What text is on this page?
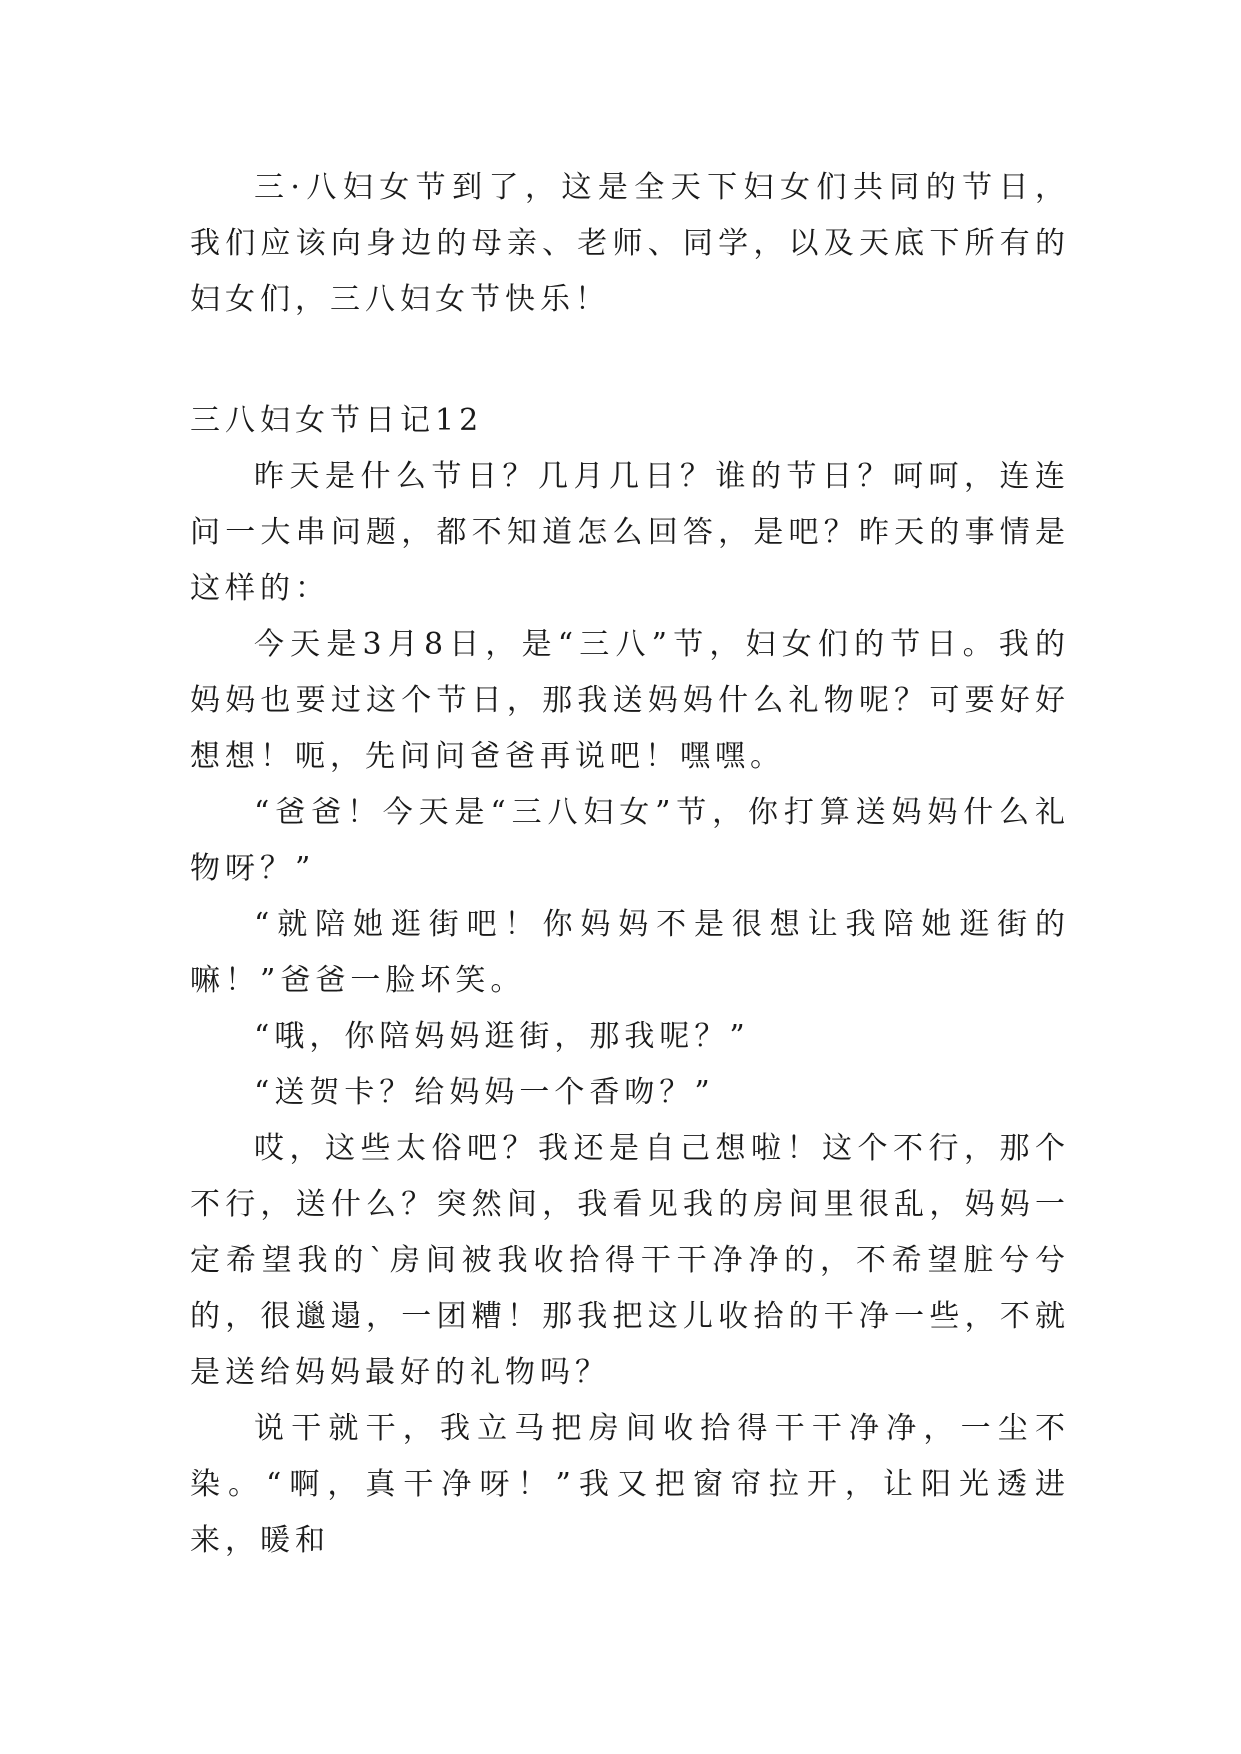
三·八妇女节到了，这是全天下妇女们共同的节日，我们应该向身边的母亲、老师、同学，以及天底下所有的妇女们，三八妇女节快乐！

三八妇女节日记12

昨天是什么节日？几月几日？谁的节日？呵呵，连连问一大串问题，都不知道怎么回答，是吧？昨天的事情是这样的：

今天是3月8日，是“三八”节，妇女们的节日。我的妈妈也要过这个节日，那我送妈妈什么礼物呢？可要好好想想！呃，先问问爸爸再说吧！嘿嘿。

“爸爸！今天是“三八妇女”节，你打算送妈妈什么礼物呀？”

“就陪她逛街吧！你妈妈不是很想让我陪她逛街的嘛！”爸爸一脸坏笑。

“哦，你陪妈妈逛街，那我呢？”

“送贺卡？给妈妈一个香吻？”

哎，这些太俗吧？我还是自己想啦！这个不行，那个不行，送什么？突然间，我看见我的房间里很乱，妈妈一定希望我的`房间被我收拾得干干净净的，不希望脏兮兮的，很邋遢，一团糟！那我把这儿收拾的干净一些，不就是送给妈妈最好的礼物吗？

说干就干，我立马把房间收拾得干干净净，一尘不染。“啊，真干净呀！”我又把窗帘拉开，让阳光透进来，暖和
